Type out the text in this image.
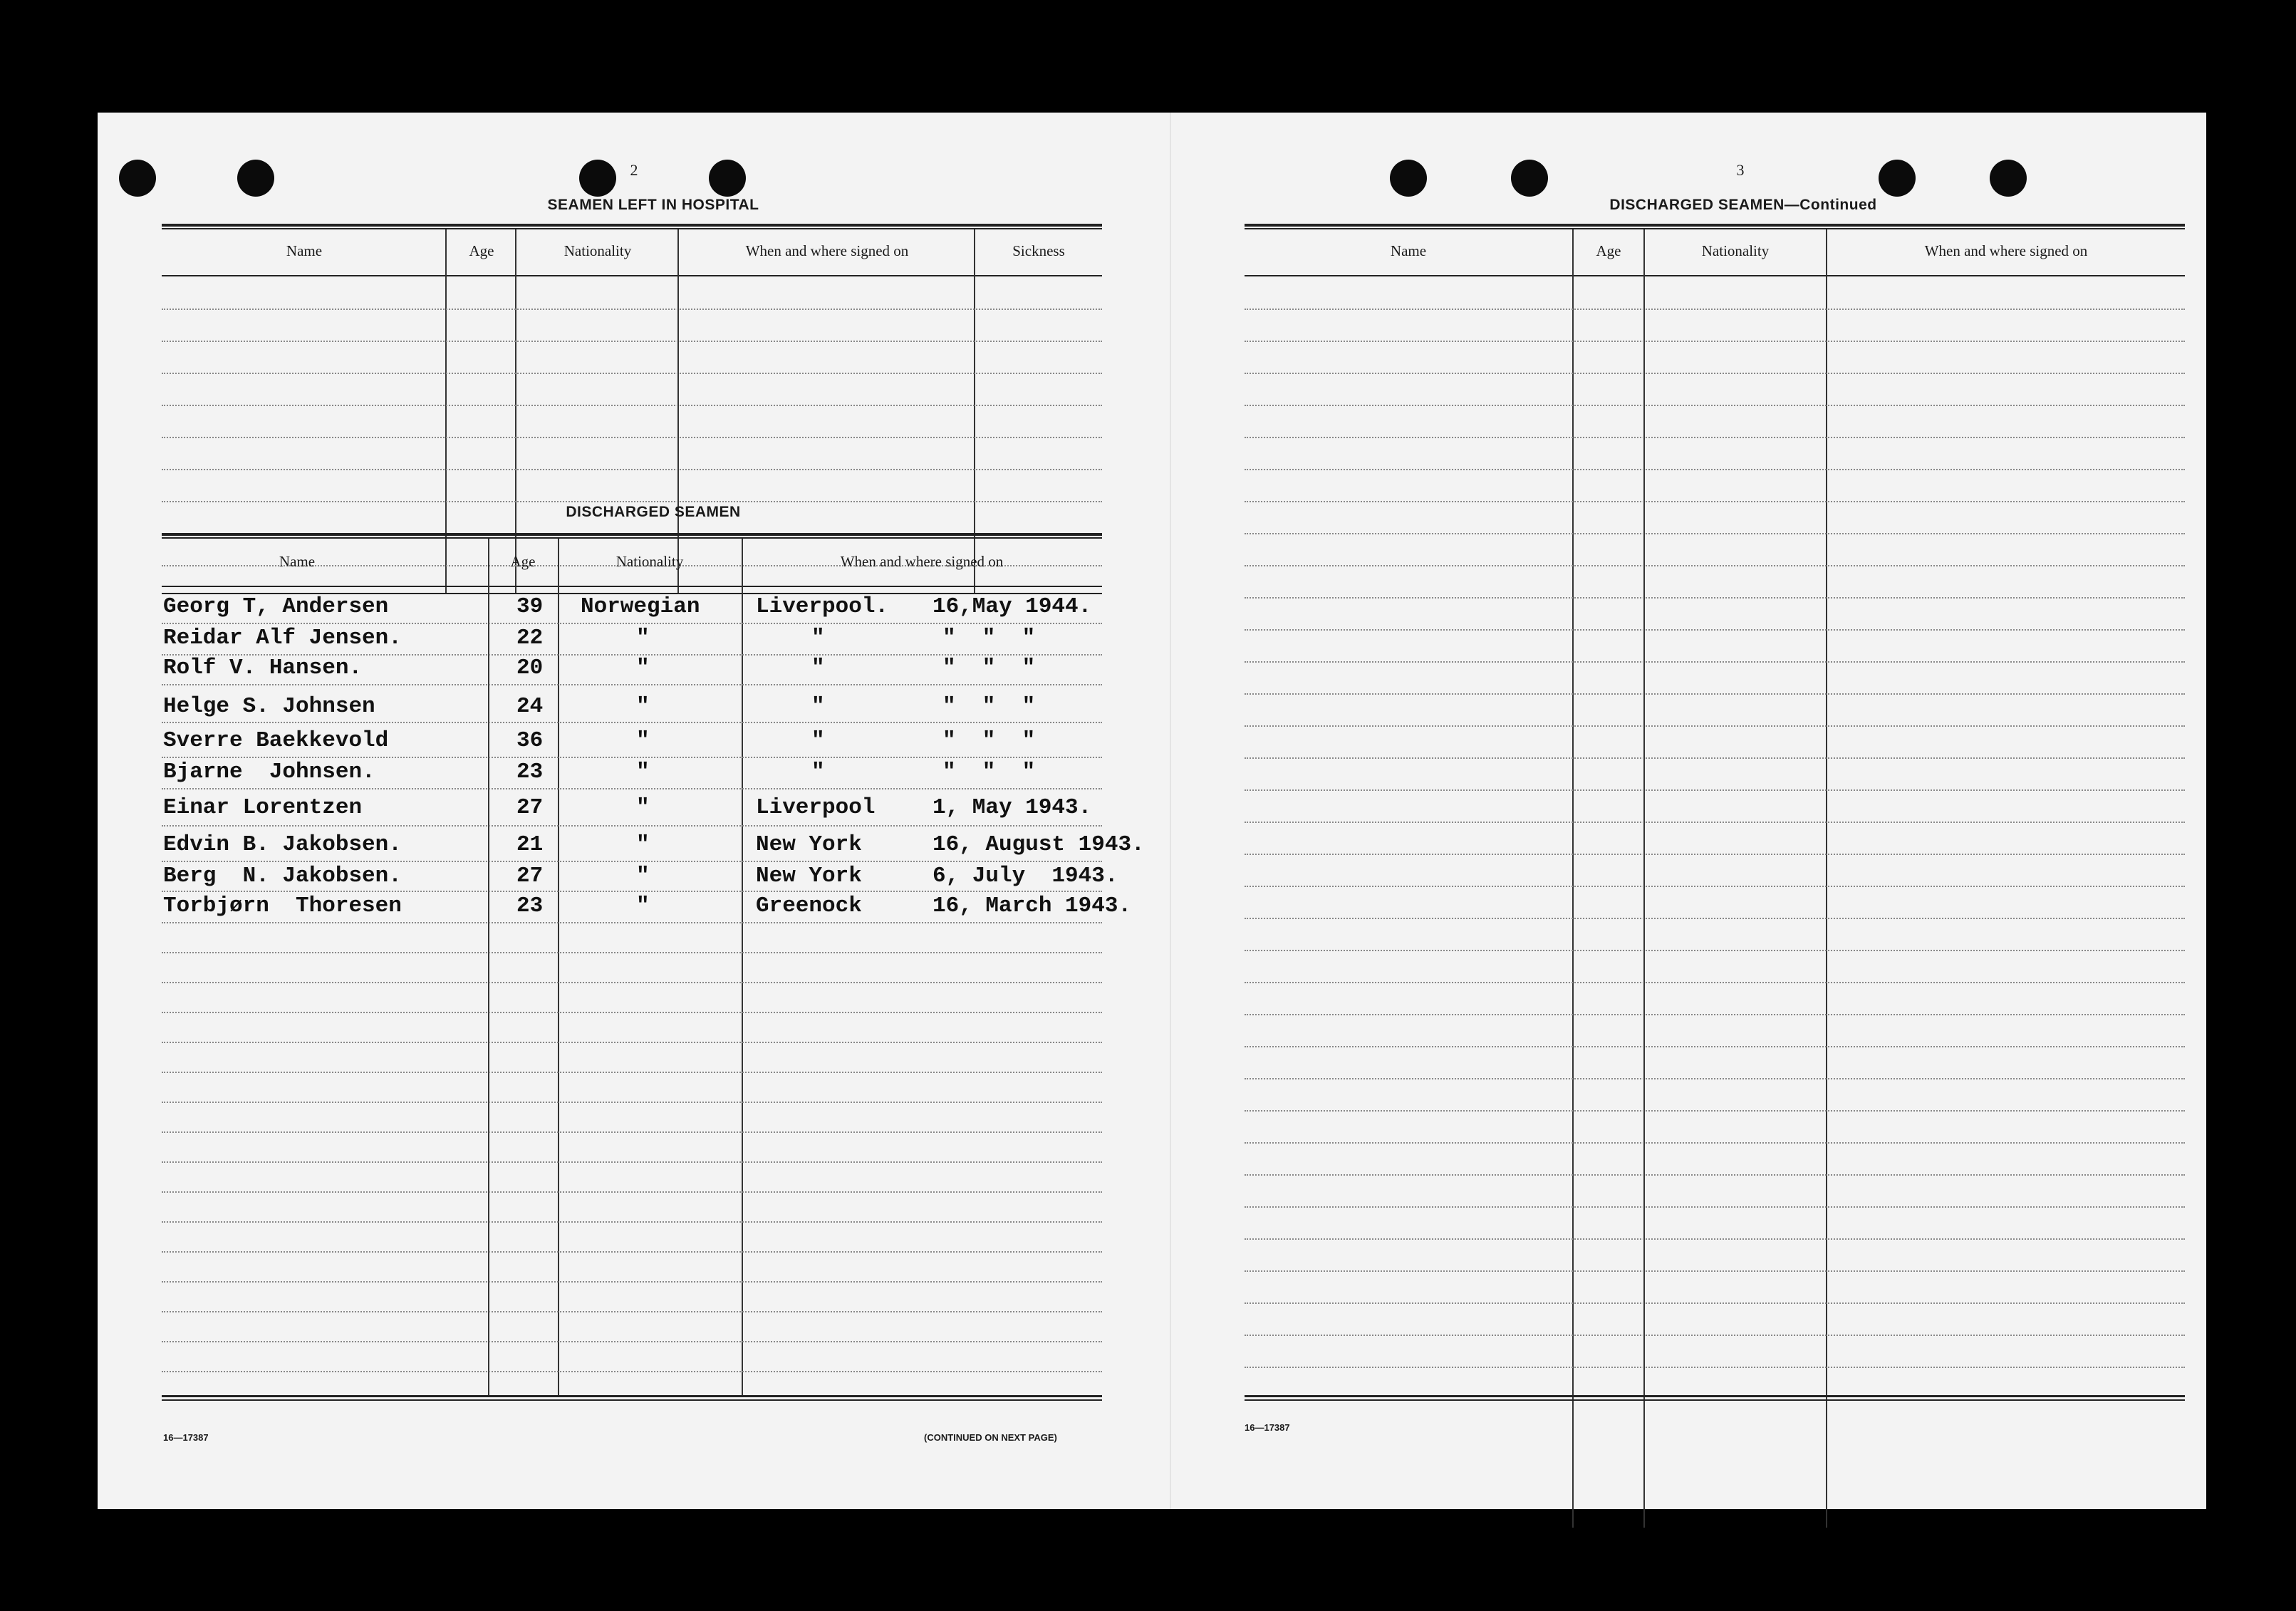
2
SEAMEN LEFT IN HOSPITAL
Name	Age	Nationality	When and where signed on	Sickness
DISCHARGED SEAMEN
Name	Age	Nationality	When and where signed on
Georg T, Andersen	39 Norwegian	Liverpool. 16,May 1944.
Reidar Alf Jensen.	22	"	"	"  "  "
Rolf V. Hansen.	20	"	"	"  "  "
Helge S. Johnsen	24	"	"	"  "  "
Sverre Baekkevold	36	"	"	"  "  "
Bjarne  Johnsen.	23	"	"	"  "  "
Einar Lorentzen	27	"	Liverpool	1, May 1943.
Edvin B. Jakobsen.	21	"	New York	16, August 1943.
Berg  N. Jakobsen.	27	"	New York	6, July  1943.
Torbjørn  Thoresen	23	"	Greenock	16, March 1943.
16—17387	(CONTINUED ON NEXT PAGE)
3
DISCHARGED SEAMEN—Continued
Name	Age	Nationality	When and where signed on
16—17387
